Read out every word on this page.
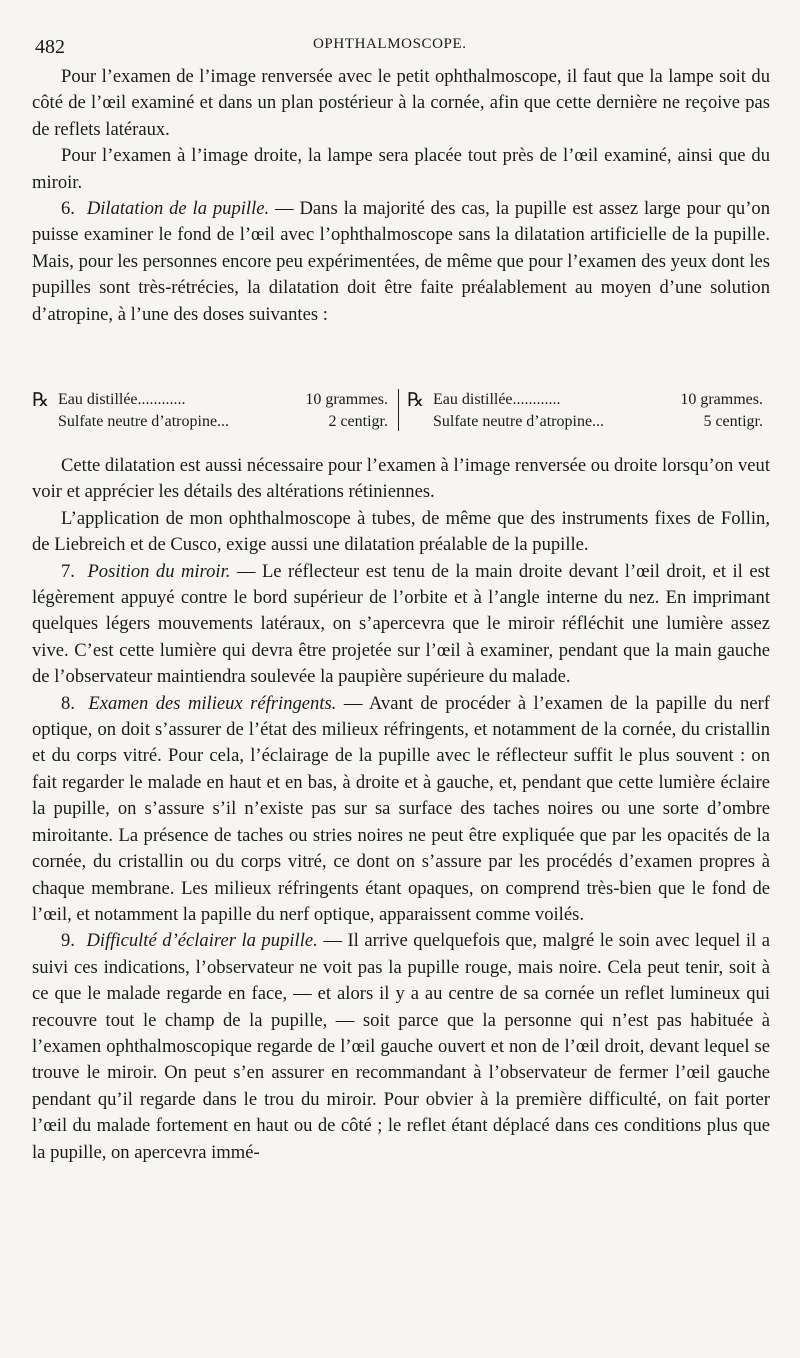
482	OPHTHALMOSCOPE.

Pour l’examen de l’image renversée avec le petit ophthalmoscope, il faut que la lampe soit du côté de l’œil examiné et dans un plan postérieur à la cornée, afin que cette dernière ne reçoive pas de reflets latéraux.

Pour l’examen à l’image droite, la lampe sera placée tout près de l’œil examiné, ainsi que du miroir.

6. Dilatation de la pupille. — Dans la majorité des cas, la pupille est assez large pour qu’on puisse examiner le fond de l’œil avec l’ophthalmoscope sans la dilatation artificielle de la pupille. Mais, pour les personnes encore peu expérimentées, de même que pour l’examen des yeux dont les pupilles sont très-rétrécies, la dilatation doit être faite préalablement au moyen d’une solution d’atropine, à l’une des doses suivantes :

℞ Eau distillée............	10 grammes.
Sulfate neutre d’atropine...	2 centigr.
℞ Eau distillée............	10 grammes.
Sulfate neutre d’atropine...	5 centigr.

Cette dilatation est aussi nécessaire pour l’examen à l’image renversée ou droite lorsqu’on veut voir et apprécier les détails des altérations rétiniennes.

L’application de mon ophthalmoscope à tubes, de même que des instruments fixes de Follin, de Liebreich et de Cusco, exige aussi une dilatation préalable de la pupille.

7. Position du miroir. — Le réflecteur est tenu de la main droite devant l’œil droit, et il est légèrement appuyé contre le bord supérieur de l’orbite et à l’angle interne du nez. En imprimant quelques légers mouvements latéraux, on s’apercevra que le miroir réfléchit une lumière assez vive. C’est cette lumière qui devra être projetée sur l’œil à examiner, pendant que la main gauche de l’observateur maintiendra soulevée la paupière supérieure du malade.

8. Examen des milieux réfringents. — Avant de procéder à l’examen de la papille du nerf optique, on doit s’assurer de l’état des milieux réfringents, et notamment de la cornée, du cristallin et du corps vitré. Pour cela, l’éclairage de la pupille avec le réflecteur suffit le plus souvent : on fait regarder le malade en haut et en bas, à droite et à gauche, et, pendant que cette lumière éclaire la pupille, on s’assure s’il n’existe pas sur sa surface des taches noires ou une sorte d’ombre miroitante. La présence de taches ou stries noires ne peut être expliquée que par les opacités de la cornée, du cristallin ou du corps vitré, ce dont on s’assure par les procédés d’examen propres à chaque membrane. Les milieux réfringents étant opaques, on comprend très-bien que le fond de l’œil, et notamment la papille du nerf optique, apparaissent comme voilés.

9. Difficulté d’éclairer la pupille. — Il arrive quelquefois que, malgré le soin avec lequel il a suivi ces indications, l’observateur ne voit pas la pupille rouge, mais noire. Cela peut tenir, soit à ce que le malade regarde en face, — et alors il y a au centre de sa cornée un reflet lumineux qui recouvre tout le champ de la pupille, — soit parce que la personne qui n’est pas habituée à l’examen ophthalmoscopique regarde de l’œil gauche ouvert et non de l’œil droit, devant lequel se trouve le miroir. On peut s’en assurer en recommandant à l’observateur de fermer l’œil gauche pendant qu’il regarde dans le trou du miroir. Pour obvier à la première difficulté, on fait porter l’œil du malade fortement en haut ou de côté ; le reflet étant déplacé dans ces conditions plus que la pupille, on apercevra immé-
